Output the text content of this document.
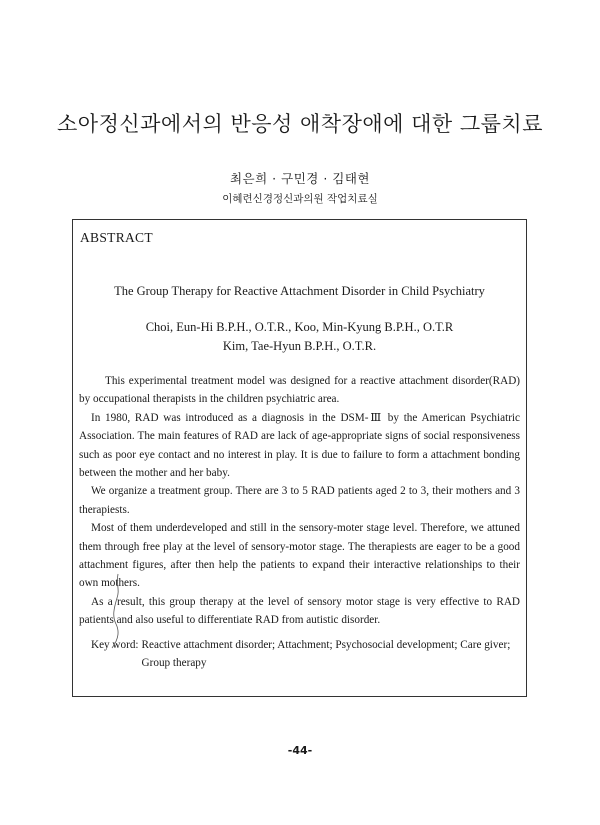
소아정신과에서의 반응성 애착장애에 대한 그룹치료
최은희 · 구민경 · 김태현
이혜련신경정신과의원 작업치료실
ABSTRACT
The Group Therapy for Reactive Attachment Disorder in Child Psychiatry
Choi, Eun-Hi B.P.H., O.T.R., Koo, Min-Kyung B.P.H., O.T.R
Kim, Tae-Hyun B.P.H., O.T.R.

This experimental treatment model was designed for a reactive attachment disorder(RAD) by occupational therapists in the children psychiatric area.

In 1980, RAD was introduced as a diagnosis in the DSM-Ⅲ by the American Psychiatric Association. The main features of RAD are lack of age-appropriate signs of social responsiveness such as poor eye contact and no interest in play. It is due to failure to form a attachment bonding between the mother and her baby.

We organize a treatment group. There are 3 to 5 RAD patients aged 2 to 3, their mothers and 3 therapiests.

Most of them underdeveloped and still in the sensory-moter stage level. Therefore, we attuned them through free play at the level of sensory-motor stage. The therapiests are eager to be a good attachment figures, after then help the patients to expand their interactive relationships to their own mothers.

As a result, this group therapy at the level of sensory motor stage is very effective to RAD patients and also useful to differentiate RAD from autistic disorder.

Key word: Reactive attachment disorder; Attachment; Psychosocial development; Care giver; Group therapy
-44-
